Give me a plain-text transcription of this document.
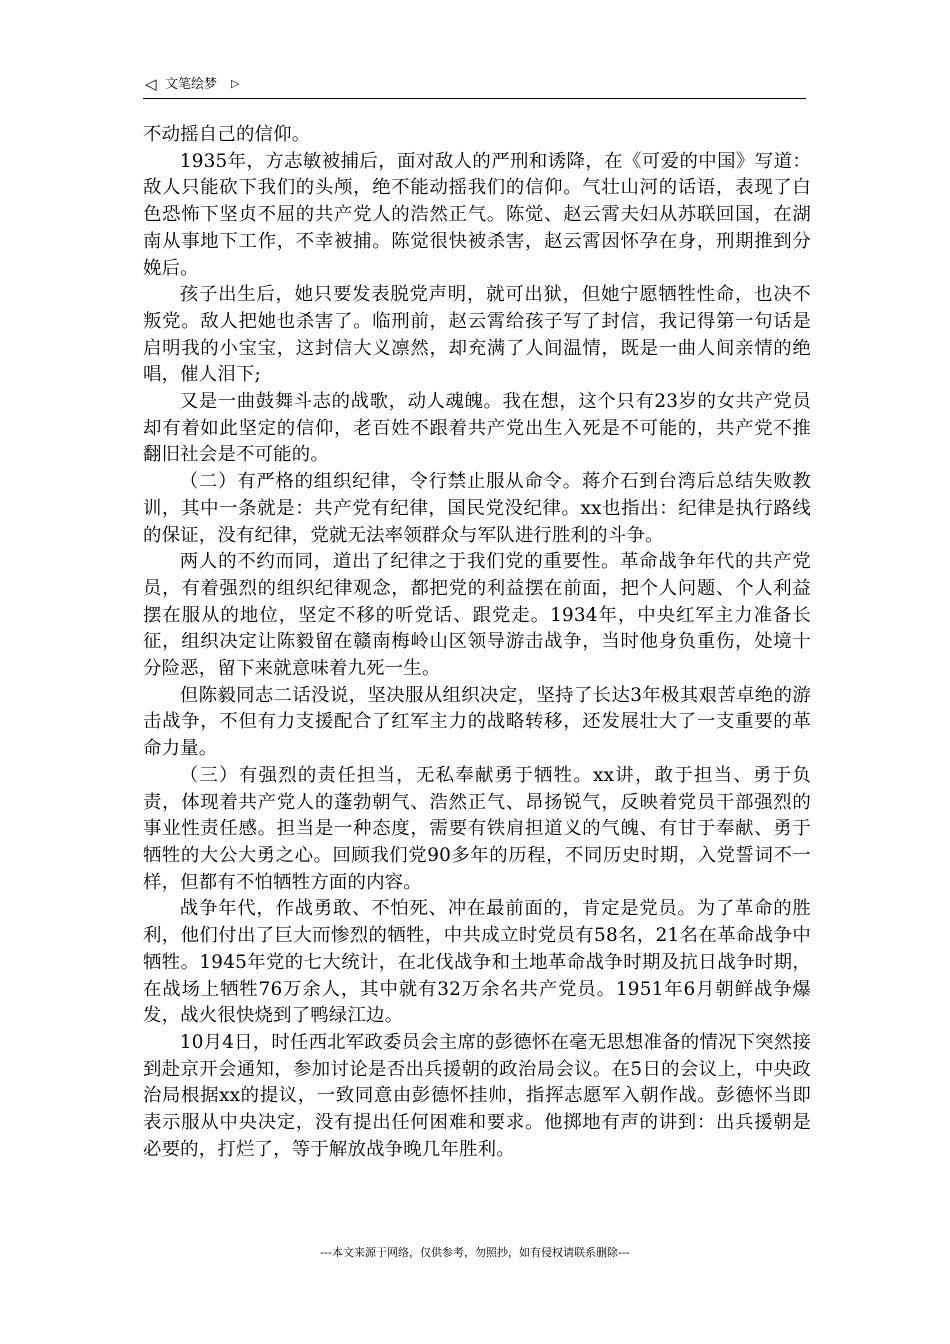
◁ 文笔绘梦 ▷

不动摇自己的信仰。

1935年，方志敏被捕后，面对敌人的严刑和诱降，在《可爱的中国》写道：敌人只能砍下我们的头颅，绝不能动摇我们的信仰。气壮山河的话语，表现了白色恐怖下坚贞不屈的共产党人的浩然正气。陈觉、赵云霄夫妇从苏联回国，在湖南从事地下工作，不幸被捕。陈觉很快被杀害，赵云霄因怀孕在身，刑期推到分娩后。

孩子出生后，她只要发表脱党声明，就可出狱，但她宁愿牺牲性命，也决不叛党。敌人把她也杀害了。临刑前，赵云霄给孩子写了封信，我记得第一句话是启明我的小宝宝，这封信大义凛然，却充满了人间温情，既是一曲人间亲情的绝唱，催人泪下;

又是一曲鼓舞斗志的战歌，动人魂魄。我在想，这个只有23岁的女共产党员却有着如此坚定的信仰，老百姓不跟着共产党出生入死是不可能的，共产党不推翻旧社会是不可能的。

（二）有严格的组织纪律，令行禁止服从命令。蒋介石到台湾后总结失败教训，其中一条就是：共产党有纪律，国民党没纪律。xx也指出：纪律是执行路线的保证，没有纪律，党就无法率领群众与军队进行胜利的斗争。

两人的不约而同，道出了纪律之于我们党的重要性。革命战争年代的共产党员，有着强烈的组织纪律观念，都把党的利益摆在前面，把个人问题、个人利益摆在服从的地位，坚定不移的听党话、跟党走。1934年，中央红军主力准备长征，组织决定让陈毅留在赣南梅岭山区领导游击战争，当时他身负重伤，处境十分险恶，留下来就意味着九死一生。

但陈毅同志二话没说，坚决服从组织决定，坚持了长达3年极其艰苦卓绝的游击战争，不但有力支援配合了红军主力的战略转移，还发展壮大了一支重要的革命力量。

（三）有强烈的责任担当，无私奉献勇于牺牲。xx讲，敢于担当、勇于负责，体现着共产党人的蓬勃朝气、浩然正气、昂扬锐气，反映着党员干部强烈的事业性责任感。担当是一种态度，需要有铁肩担道义的气魄、有甘于奉献、勇于牺牲的大公大勇之心。回顾我们党90多年的历程，不同历史时期，入党誓词不一样，但都有不怕牺牲方面的内容。

战争年代，作战勇敢、不怕死、冲在最前面的，肯定是党员。为了革命的胜利，他们付出了巨大而惨烈的牺牲，中共成立时党员有58名，21名在革命战争中牺牲。1945年党的七大统计，在北伐战争和土地革命战争时期及抗日战争时期，在战场上牺牲76万余人，其中就有32万余名共产党员。1951年6月朝鲜战争爆发，战火很快烧到了鸭绿江边。

10月4日，时任西北军政委员会主席的彭德怀在毫无思想准备的情况下突然接到赴京开会通知，参加讨论是否出兵援朝的政治局会议。在5日的会议上，中央政治局根据xx的提议，一致同意由彭德怀挂帅，指挥志愿军入朝作战。彭德怀当即表示服从中央决定，没有提出任何困难和要求。他掷地有声的讲到：出兵援朝是必要的，打烂了，等于解放战争晚几年胜利。

---本文来源于网络，仅供参考，勿照抄，如有侵权请联系删除---
